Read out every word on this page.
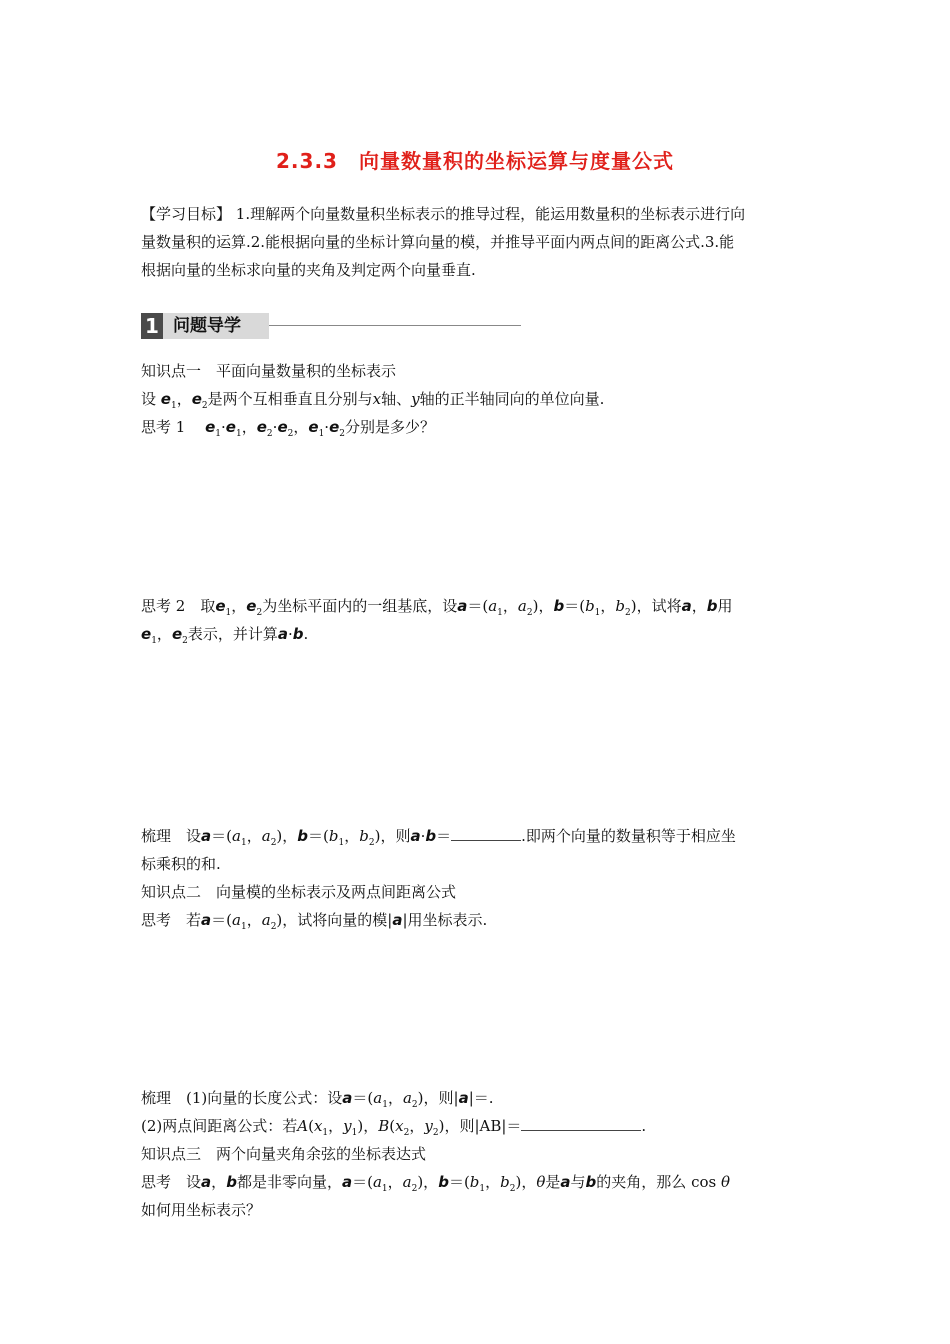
2.3.3　向量数量积的坐标运算与度量公式
【学习目标】 1.理解两个向量数量积坐标表示的推导过程，能运用数量积的坐标表示进行向
量数量积的运算.2.能根据向量的坐标计算向量的模，并推导平面内两点间的距离公式.3.能
根据向量的坐标求向量的夹角及判定两个向量垂直.
1 问题导学
知识点一　平面向量数量积的坐标表示
设 $e_1$，$e_2$是两个互相垂直且分别与x轴、y轴的正半轴同向的单位向量.
思考 1　 $e_1\cdot e_1$，$e_2\cdot e_2$，$e_1\cdot e_2$分别是多少？
思考 2　 取$e_1$，$e_2$为坐标平面内的一组基底，设$a=(a_1$，$a_2$)，$b=(b_1$，$b_2$)，试将a，b用
$e_1$，$e_2$表示，并计算a·b.
梳理　 设$a=(a_1$，$a_2$)，$b=(b_1$，$b_2$)，则a·b＝	.即两个向量的数量积等于相应坐
标乘积的和.
知识点二　向量模的坐标表示及两点间距离公式
思考　 若$a=(a_1$，$a_2$)，试将向量的模|a|用坐标表示.
梳理　 (1)向量的长度公式：设$a=(a_1$，$a_2$)，则|a|＝.
(2)两点间距离公式：若$A(x_1$，$y_1$)，$B(x_2$，$y_2$)，则|AB|＝	.
知识点三　两个向量夹角余弦的坐标表达式
思考　 设a，b都是非零向量，$a=(a_1$，$a_2$)，$b=(b_1$，$b_2$)，θ是a与b的夹角，那么 cos θ
如何用坐标表示？
